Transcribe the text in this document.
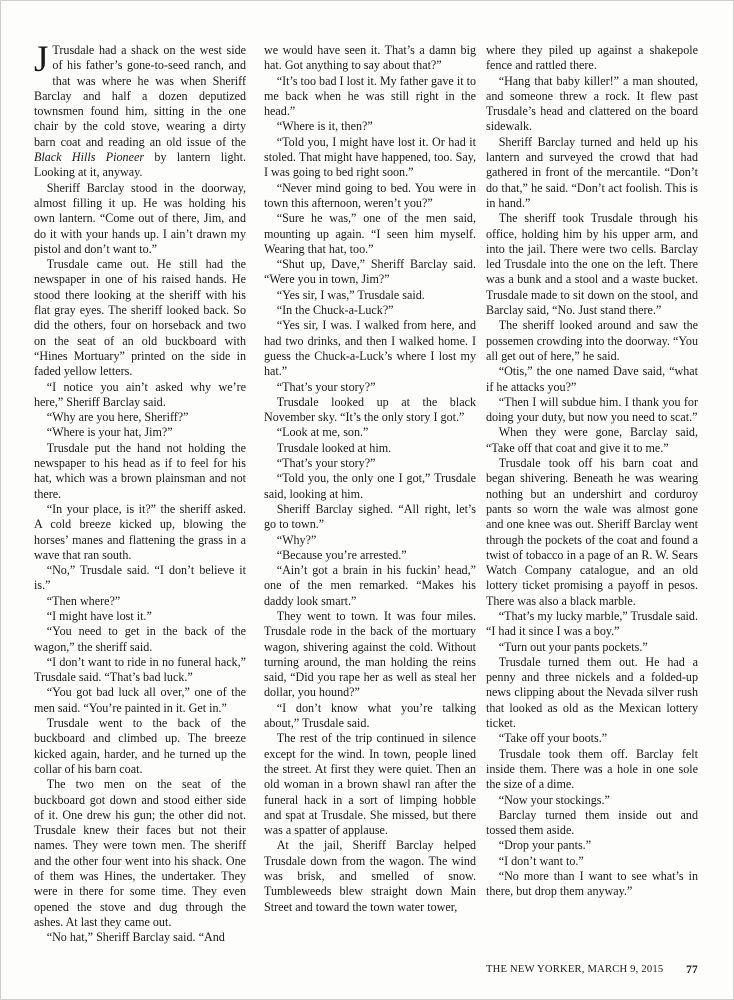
J Trusdale had a shack on the west side of his father’s gone-to-seed ranch, and that was where he was when Sheriff Barclay and half a dozen deputized townsmen found him, sitting in the one chair by the cold stove, wearing a dirty barn coat and reading an old issue of the Black Hills Pioneer by lantern light. Looking at it, anyway.

Sheriff Barclay stood in the doorway, almost filling it up. He was holding his own lantern. “Come out of there, Jim, and do it with your hands up. I ain’t drawn my pistol and don’t want to.”

Trusdale came out. He still had the newspaper in one of his raised hands. He stood there looking at the sheriff with his flat gray eyes. The sheriff looked back. So did the others, four on horseback and two on the seat of an old buckboard with “Hines Mortuary” printed on the side in faded yellow letters.

“I notice you ain’t asked why we’re here,” Sheriff Barclay said.

“Why are you here, Sheriff?”

“Where is your hat, Jim?”

Trusdale put the hand not holding the newspaper to his head as if to feel for his hat, which was a brown plainsman and not there.

“In your place, is it?” the sheriff asked. A cold breeze kicked up, blowing the horses’ manes and flattening the grass in a wave that ran south.

“No,” Trusdale said. “I don’t believe it is.”

“Then where?”

“I might have lost it.”

“You need to get in the back of the wagon,” the sheriff said.

“I don’t want to ride in no funeral hack,” Trusdale said. “That’s bad luck.”

“You got bad luck all over,” one of the men said. “You’re painted in it. Get in.”

Trusdale went to the back of the buckboard and climbed up. The breeze kicked again, harder, and he turned up the collar of his barn coat.

The two men on the seat of the buckboard got down and stood either side of it. One drew his gun; the other did not. Trusdale knew their faces but not their names. They were town men. The sheriff and the other four went into his shack. One of them was Hines, the undertaker. They were in there for some time. They even opened the stove and dug through the ashes. At last they came out.

“No hat,” Sheriff Barclay said. “And

we would have seen it. That’s a damn big hat. Got anything to say about that?”

“It’s too bad I lost it. My father gave it to me back when he was still right in the head.”

“Where is it, then?”

“Told you, I might have lost it. Or had it stoled. That might have happened, too. Say, I was going to bed right soon.”

“Never mind going to bed. You were in town this afternoon, weren’t you?”

“Sure he was,” one of the men said, mounting up again. “I seen him myself. Wearing that hat, too.”

“Shut up, Dave,” Sheriff Barclay said. “Were you in town, Jim?”

“Yes sir, I was,” Trusdale said.

“In the Chuck-a-Luck?”

“Yes sir, I was. I walked from here, and had two drinks, and then I walked home. I guess the Chuck-a-Luck’s where I lost my hat.”

“That’s your story?”

Trusdale looked up at the black November sky. “It’s the only story I got.”

“Look at me, son.”

Trusdale looked at him.

“That’s your story?”

“Told you, the only one I got,” Trusdale said, looking at him.

Sheriff Barclay sighed. “All right, let’s go to town.”

“Why?”

“Because you’re arrested.”

“Ain’t got a brain in his fuckin’ head,” one of the men remarked. “Makes his daddy look smart.”

They went to town. It was four miles. Trusdale rode in the back of the mortuary wagon, shivering against the cold. Without turning around, the man holding the reins said, “Did you rape her as well as steal her dollar, you hound?”

“I don’t know what you’re talking about,” Trusdale said.

The rest of the trip continued in silence except for the wind. In town, people lined the street. At first they were quiet. Then an old woman in a brown shawl ran after the funeral hack in a sort of limping hobble and spat at Trusdale. She missed, but there was a spatter of applause.

At the jail, Sheriff Barclay helped Trusdale down from the wagon. The wind was brisk, and smelled of snow. Tumbleweeds blew straight down Main Street and toward the town water tower,

where they piled up against a shakepole fence and rattled there.

“Hang that baby killer!” a man shouted, and someone threw a rock. It flew past Trusdale’s head and clattered on the board sidewalk.

Sheriff Barclay turned and held up his lantern and surveyed the crowd that had gathered in front of the mercantile. “Don’t do that,” he said. “Don’t act foolish. This is in hand.”

The sheriff took Trusdale through his office, holding him by his upper arm, and into the jail. There were two cells. Barclay led Trusdale into the one on the left. There was a bunk and a stool and a waste bucket. Trusdale made to sit down on the stool, and Barclay said, “No. Just stand there.”

The sheriff looked around and saw the possemen crowding into the doorway. “You all get out of here,” he said.

“Otis,” the one named Dave said, “what if he attacks you?”

“Then I will subdue him. I thank you for doing your duty, but now you need to scat.”

When they were gone, Barclay said, “Take off that coat and give it to me.”

Trusdale took off his barn coat and began shivering. Beneath he was wearing nothing but an undershirt and corduroy pants so worn the wale was almost gone and one knee was out. Sheriff Barclay went through the pockets of the coat and found a twist of tobacco in a page of an R. W. Sears Watch Company catalogue, and an old lottery ticket promising a payoff in pesos. There was also a black marble.

“That’s my lucky marble,” Trusdale said. “I had it since I was a boy.”

“Turn out your pants pockets.”

Trusdale turned them out. He had a penny and three nickels and a folded-up news clipping about the Nevada silver rush that looked as old as the Mexican lottery ticket.

“Take off your boots.”

Trusdale took them off. Barclay felt inside them. There was a hole in one sole the size of a dime.

“Now your stockings.”

Barclay turned them inside out and tossed them aside.

“Drop your pants.”

“I don’t want to.”

“No more than I want to see what’s in there, but drop them anyway.”

THE NEW YORKER, MARCH 9, 2015 77
